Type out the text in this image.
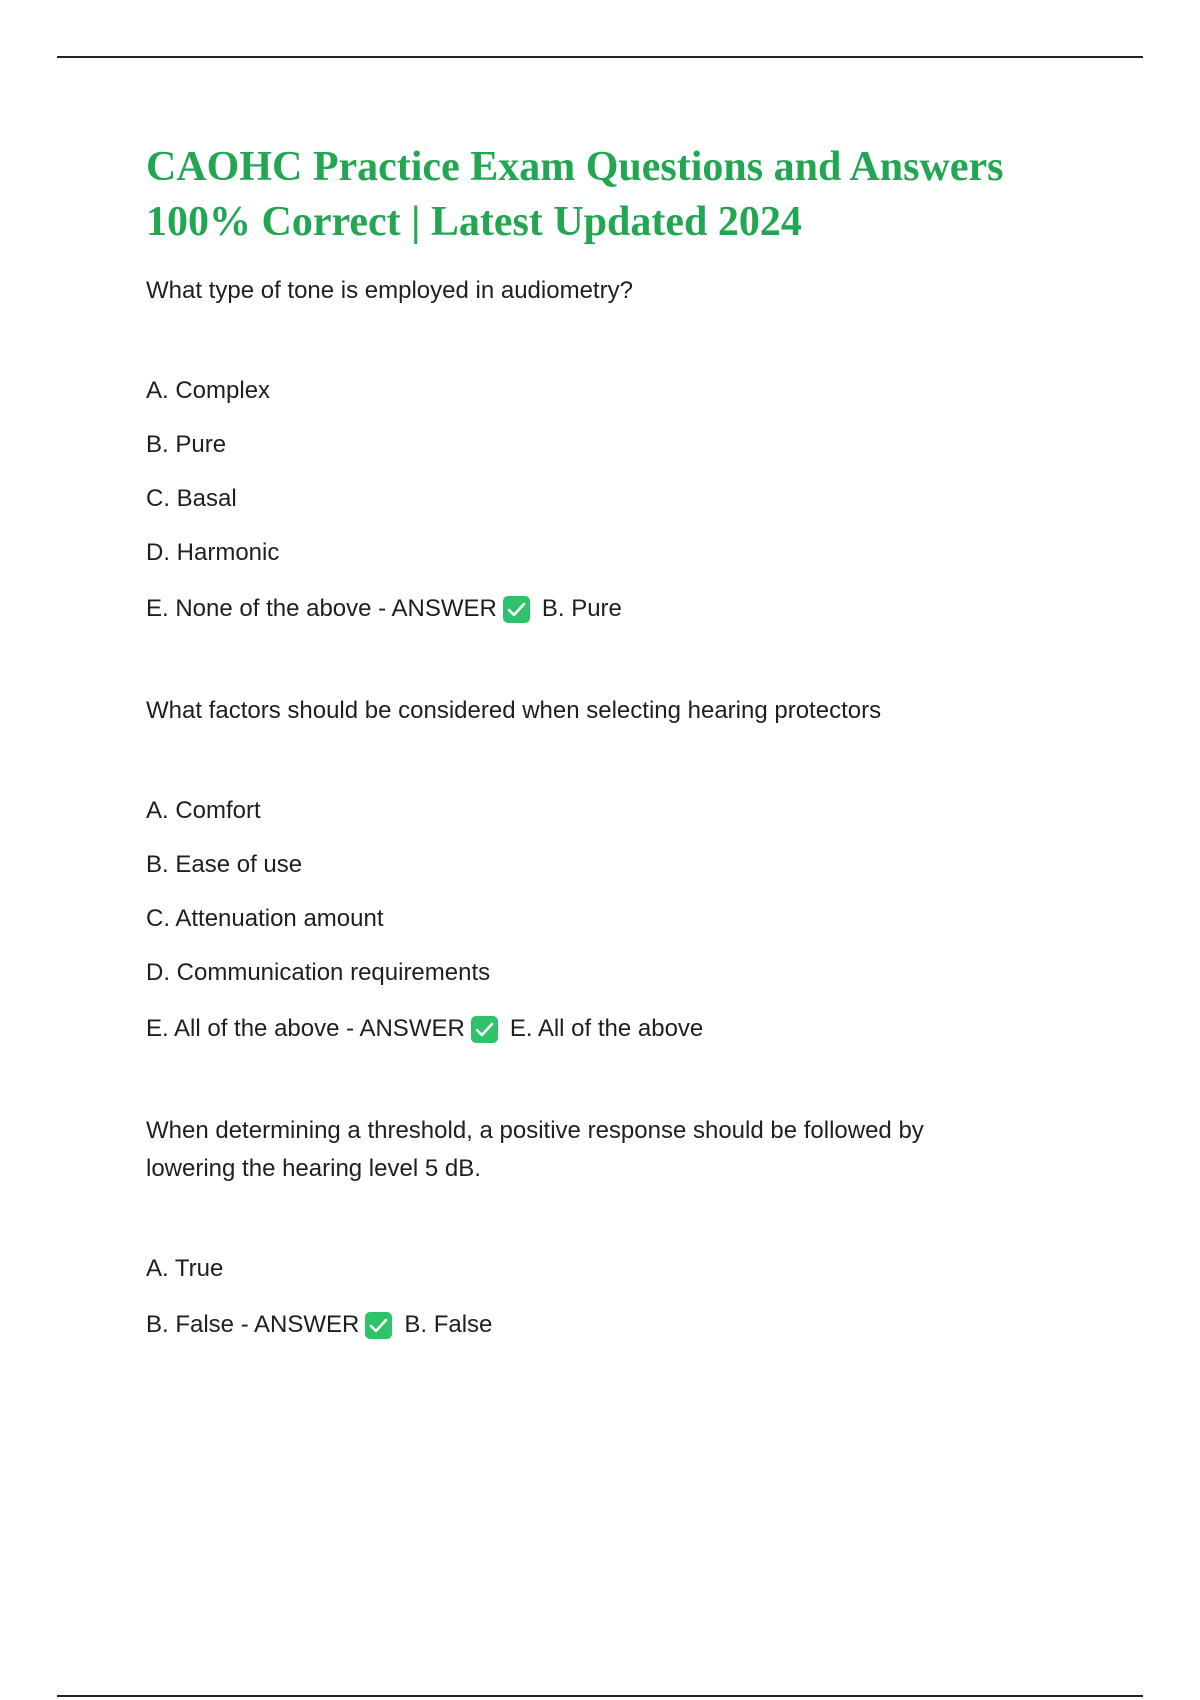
CAOHC Practice Exam Questions and Answers 100% Correct | Latest Updated 2024

What type of tone is employed in audiometry?

A. Complex

B. Pure

C. Basal

D. Harmonic

E. None of the above - ANSWER B. Pure

What factors should be considered when selecting hearing protectors

A. Comfort

B. Ease of use

C. Attenuation amount

D. Communication requirements

E. All of the above - ANSWER E. All of the above

When determining a threshold, a positive response should be followed by lowering the hearing level 5 dB.

A. True

B. False - ANSWER B. False
